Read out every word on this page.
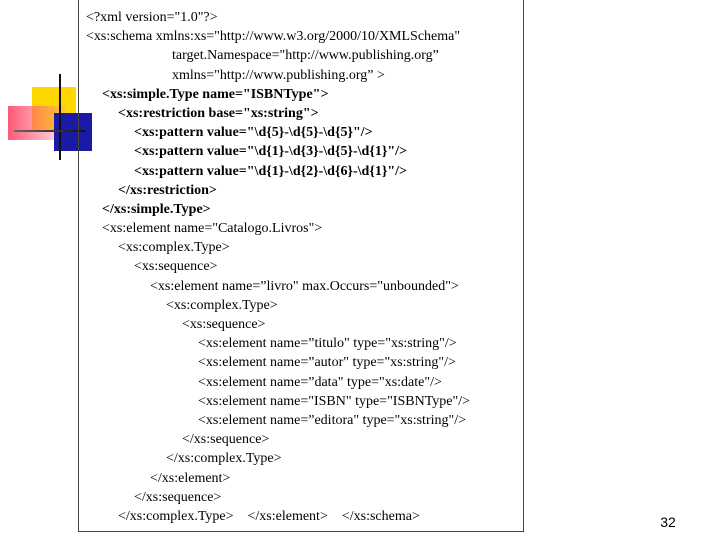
<?xml version="1.0"?>
<xs:schema xmlns:xs="http://www.w3.org/2000/10/XMLSchema"
target.Namespace="http://www.publishing.org”
xmlns="http://www.publishing.org” >
<xs:simple.Type name="ISBNType">
<xs:restriction base="xs:string">
<xs:pattern value="\d{5}-\d{5}-\d{5}"/>
<xs:pattern value="\d{1}-\d{3}-\d{5}-\d{1}"/>
<xs:pattern value="\d{1}-\d{2}-\d{6}-\d{1}"/>
</xs:restriction>
</xs:simple.Type>
<xs:element name="Catalogo.Livros">
<xs:complex.Type>
<xs:sequence>
<xs:element name=”livro" max.Occurs="unbounded">
<xs:complex.Type>
<xs:sequence>
<xs:element name=”titulo" type="xs:string"/>
<xs:element name=”autor" type="xs:string"/>
<xs:element name=”data" type="xs:date"/>
<xs:element name="ISBN" type="ISBNType"/>
<xs:element name=”editora" type="xs:string"/>
</xs:sequence>
</xs:complex.Type>
</xs:element>
</xs:sequence>
</xs:complex.Type>    </xs:element>    </xs:schema>	32
